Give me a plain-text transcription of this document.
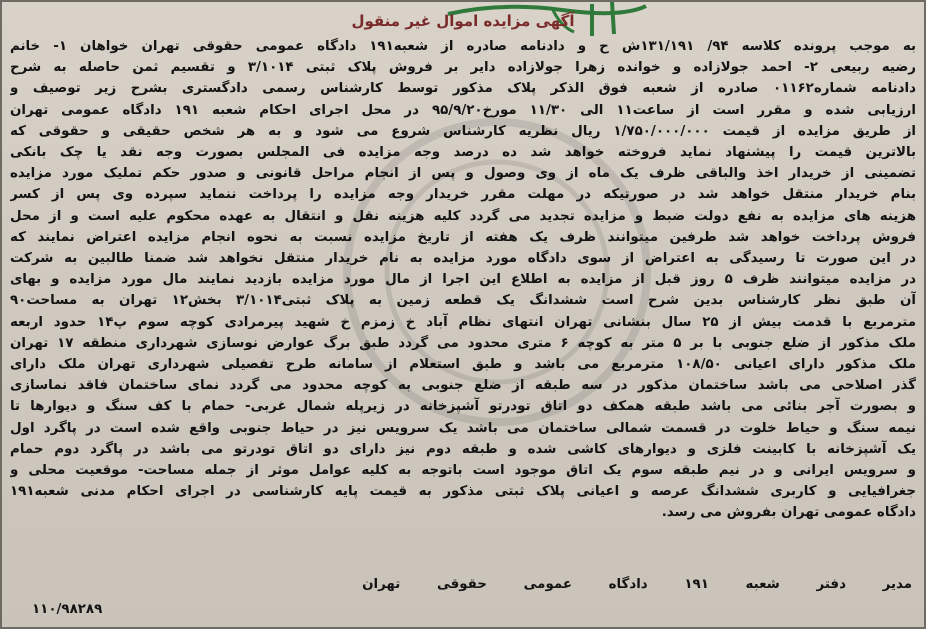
آگهی مزایده اموال غیر منقول
به موجب پرونده کلاسه ۹۴/ ۱۳۱/۱۹۱ش ح و دادنامه صادره از شعبه۱۹۱ دادگاه عمومی حقوقی تهران خواهان ۱- خانم
رضیه ربیعی ۲- احمد جولازاده و خوانده زهرا جولازاده دایر بر فروش پلاک ثبتی ۳/۱۰۱۴ و تقسیم ثمن حاصله به شرح
دادنامه شماره۰۱۱۶۲ صادره از شعبه فوق الذکر پلاک مذکور توسط کارشناس رسمی دادگستری بشرح زیر توصیف و
ارزیابی شده و مقرر است از ساعت۱۱ الی ۱۱/۳۰ مورخ۹۵/۹/۲۰ در محل اجرای احکام شعبه ۱۹۱ دادگاه عمومی تهران
از طریق مزایده از قیمت ۱/۷۵۰/۰۰۰/۰۰۰ ریال نظریه کارشناس شروع می شود و به هر شخص حقیقی و حقوقی که
بالاترین قیمت را پیشنهاد نماید فروخته خواهد شد ده درصد وجه مزایده فی المجلس بصورت وجه نقد یا چک بانکی
تضمینی از خریدار اخذ والباقی ظرف یک ماه از وی وصول و پس از انجام مراحل قانونی و صدور حکم تملیک مورد مزایده
بنام خریدار منتقل خواهد شد در صورتیکه در مهلت مقرر خریدار وجه مزایده را پرداخت ننماید سپرده وی پس از کسر
هزینه های مزایده به نفع دولت ضبط و مزایده تجدید می گردد کلیه هزینه نقل و انتقال به عهده محکوم علیه است و از محل
فروش پرداخت خواهد شد طرفین میتوانند ظرف یک هفته از تاریخ مزایده نسبت به نحوه انجام مزایده اعتراض نمایند که
در این صورت تا رسیدگی به اعتراض از سوی دادگاه مورد مزایده به نام خریدار منتقل نخواهد شد ضمنا طالبین به شرکت
در مزایده میتوانند ظرف ۵ روز قبل از مزایده به اطلاع این اجرا از مال مورد مزایده بازدید نمایند مال مورد مزایده و بهای
آن طبق نظر کارشناس بدین شرح است ششدانگ یک قطعه زمین به پلاک ثبتی۳/۱۰۱۴ بخش۱۲ تهران به مساحت۹۰
مترمربع با قدمت بیش از ۲۵ سال بنشانی تهران انتهای نظام آباد خ زمزم خ شهید پیرمرادی کوچه سوم پ۱۴ حدود اربعه
ملک مذکور از ضلع جنوبی با بر ۵ متر به کوچه ۶ متری محدود می گردد طبق برگ عوارض نوسازی شهرداری منطقه ۱۷ تهران
ملک مذکور دارای اعیانی ۱۰۸/۵۰ مترمربع می باشد و طبق استعلام از سامانه طرح تفصیلی شهرداری تهران ملک دارای
گذر اصلاحی می باشد ساختمان مذکور در سه طبقه از ضلع جنوبی به کوچه محدود می گردد نمای ساختمان فاقد نماسازی
و بصورت آجر بنائی می باشد طبقه همکف دو اتاق تودرتو آشپزخانه در زیرپله شمال غربی- حمام با کف سنگ و دیوارها تا
نیمه سنگ و حیاط خلوت در قسمت شمالی ساختمان می باشد یک سرویس نیز در حیاط جنوبی واقع شده است در پاگرد اول
یک آشپزخانه با کابینت فلزی و دیوارهای کاشی شده و طبقه دوم نیز دارای دو اتاق تودرتو می باشد در پاگرد دوم حمام
و سرویس ایرانی و در نیم طبقه سوم یک اتاق موجود است باتوجه به کلیه عوامل موثر از جمله مساحت- موقعیت محلی و
جغرافیایی و کاربری ششدانگ عرصه و اعیانی پلاک ثبتی مذکور به قیمت پایه کارشناسی در اجرای احکام مدنی شعبه۱۹۱
دادگاه عمومی تهران بفروش می رسد.
مدیر
دفتر
شعبه
۱۹۱
دادگاه
عمومی
حقوقی
تهران
۱۱۰/۹۸۲۸۹
